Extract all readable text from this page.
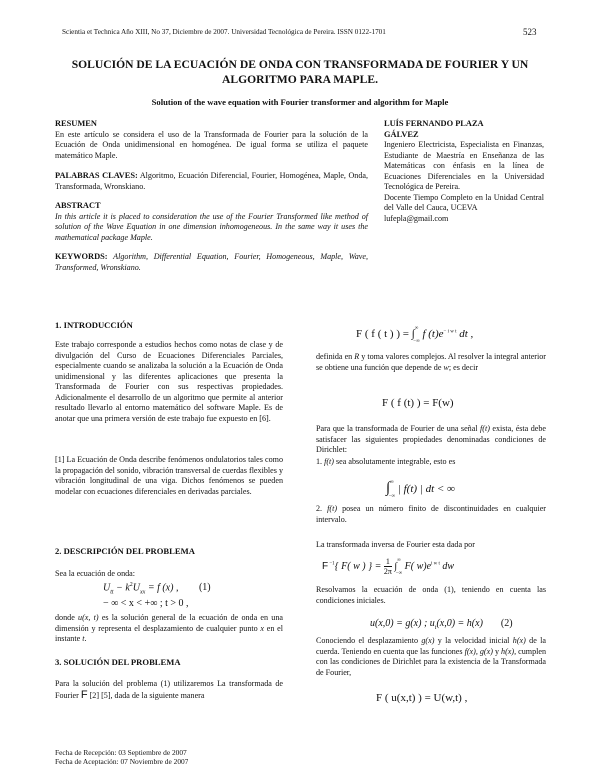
Scientia et Technica Año XIII, No 37, Diciembre de 2007. Universidad Tecnológica de Pereira. ISSN 0122-1701	523
SOLUCIÓN DE LA ECUACIÓN DE ONDA CON TRANSFORMADA DE FOURIER Y UN
ALGORITMO PARA MAPLE.
Solution of the wave equation with Fourier transformer and algorithm for Maple
RESUMEN
En este artículo se considera el uso de la Transformada de Fourier para la solución de la Ecuación de Onda unidimensional en homogénea. De igual forma se utiliza el paquete matemático Maple.
PALABRAS CLAVES: Algoritmo, Ecuación Diferencial, Fourier, Homogénea, Maple, Onda, Transformada, Wronskiano.
ABSTRACT
In this article it is placed to consideration the use of the Fourier Transformed like method of solution of the Wave Equation in one dimension inhomogeneous. In the same way it uses the mathematical package Maple.
KEYWORDS: Algorithm, Differential Equation, Fourier, Homogeneous, Maple, Wave, Transformed, Wronskiano.
LUÍS FERNANDO PLAZA
GÁLVEZ
Ingeniero Electricista, Especialista en Finanzas, Estudiante de Maestría en Enseñanza de las Matemáticas con énfasis en la línea de Ecuaciones Diferenciales en la Universidad Tecnológica de Pereira.
Docente Tiempo Completo en la Unidad Central del Valle del Cauca, UCEVA
lufepla@gmail.com
1. INTRODUCCIÓN
Este trabajo corresponde a estudios hechos como notas de clase y de divulgación del Curso de Ecuaciones Diferenciales Parciales, especialmente cuando se analizaba la solución a la Ecuación de Onda unidimensional y las diferentes aplicaciones que presenta la Transformada de Fourier con sus respectivas propiedades. Adicionalmente el desarrollo de un algoritmo que permite al anterior resultado llevarlo al entorno matemático del software Maple. Es de anotar que una primera versión de este trabajo fue expuesto en [6].
[1] La Ecuación de Onda describe fenómenos ondulatorios tales como la propagación del sonido, vibración transversal de cuerdas flexibles y vibración longitudinal de una viga. Dichos fenómenos se pueden modelar con ecuaciones diferenciales en derivadas parciales.
2. DESCRIPCIÓN DEL PROBLEMA
Sea la ecuación de onda:
$U_{tt} - k^2U_{xx} = f$ (x) , (1)
− ∞ < x < +∞ ; t > 0 ,
donde u(x, t) es la solución general de la ecuación de onda en una dimensión y representa el desplazamiento de cualquier punto x en el instante t.
3. SOLUCIÓN DEL PROBLEMA
Para la solución del problema (1) utilizaremos La transformada de Fourier F [2] [5], dada de la siguiente manera
Fecha de Recepción: 03 Septiembre de 2007
Fecha de Aceptación: 07 Noviembre de 2007
F ( f ( t ) ) = $\int^\infty_{-\infty}$ f $(t)e^{- i w t}$ dt ,
definida en R y toma valores complejos. Al resolver la integral anterior se obtiene una función que depende de w; es decir
F ( f (t) ) = F(w)
Para que la transformada de Fourier de una señal f(t) exista, ésta debe satisfacer las siguientes propiedades denominadas condiciones de Dirichlet:
1. f(t) sea absolutamente integrable, esto es
$\int^\infty_{-\infty}$ | f(t) | dt < ∞
2. f(t) posea un número finito de discontinuidades en cualquier intervalo.
La transformada inversa de Fourier esta dada por
F $^{-1}${ F( w ) } = $\frac{1}{2\pi} \int^\infty_{-\infty}$ F( $w)e^{i w t}$ dw
Resolvamos la ecuación de onda (1), teniendo en cuenta las condiciones iniciales.
u(x,0) = g(x) ; $u_t(x,0) = h(x)$ (2)
Conociendo el desplazamiento g(x) y la velocidad inicial h(x) de la cuerda. Teniendo en cuenta que las funciones f(x), g(x) y h(x), cumplen con las condiciones de Dirichlet para la existencia de la Transformada de Fourier,
F ( u(x,t) ) = U(w,t) ,
